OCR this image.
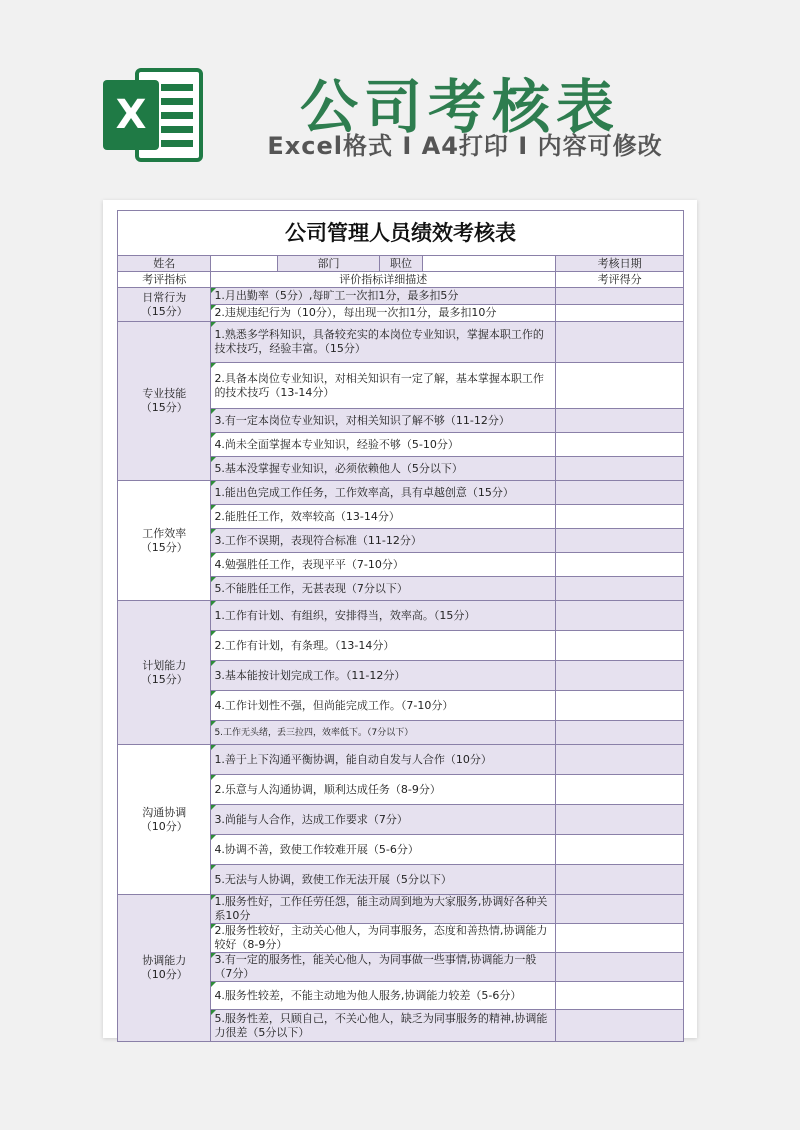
X	公司考核表
Excel格式 I A4打印 I 内容可修改
公司管理人员绩效考核表					
姓名		部门	职位		考核日期
考评指标	评价指标详细描述				考评得分

日常行为
（15分）	1.月出勤率（5分）,每旷工一次扣1分，最多扣5分				
	2.违规违纪行为（10分），每出现一次扣1分，最多扣10分				

专业技能
（15分）	1.熟悉多学科知识，具备较充实的本岗位专业知识，掌握本职工作的技术技巧，经验丰富。（15分）				
	2.具备本岗位专业知识，对相关知识有一定了解，基本掌握本职工作的技术技巧（13-14分）				
	3.有一定本岗位专业知识，对相关知识了解不够（11-12分）				
	4.尚未全面掌握本专业知识，经验不够（5-10分）				
	5.基本没掌握专业知识，必须依赖他人（5分以下）				

工作效率
（15分）	1.能出色完成工作任务，工作效率高，具有卓越创意（15分）				
	2.能胜任工作，效率较高（13-14分）				
	3.工作不误期，表现符合标准（11-12分）				
	4.勉强胜任工作，表现平平（7-10分）				
	5.不能胜任工作，无甚表现（7分以下）				

计划能力
（15分）	1.工作有计划、有组织，安排得当，效率高。（15分）				
	2.工作有计划，有条理。（13-14分）				
	3.基本能按计划完成工作。（11-12分）				
	4.工作计划性不强，但尚能完成工作。（7-10分）				
	5.工作无头绪，丢三拉四，效率低下。（7分以下）				

沟通协调
（10分）	1.善于上下沟通平衡协调，能自动自发与人合作（10分）				
	2.乐意与人沟通协调，顺利达成任务（8-9分）				
	3.尚能与人合作，达成工作要求（7分）				
	4.协调不善，致使工作较难开展（5-6分）				
	5.无法与人协调，致使工作无法开展（5分以下）				

协调能力
（10分）	1.服务性好，工作任劳任怨，能主动周到地为大家服务,协调好各种关系10分				
	2.服务性较好，主动关心他人，为同事服务，态度和善热情,协调能力较好（8-9分）				
	3.有一定的服务性，能关心他人，为同事做一些事情,协调能力一般（7分）				
	4.服务性较差，不能主动地为他人服务,协调能力较差（5-6分）				
	5.服务性差，只顾自己，不关心他人，缺乏为同事服务的精神,协调能力很差（5分以下）				
